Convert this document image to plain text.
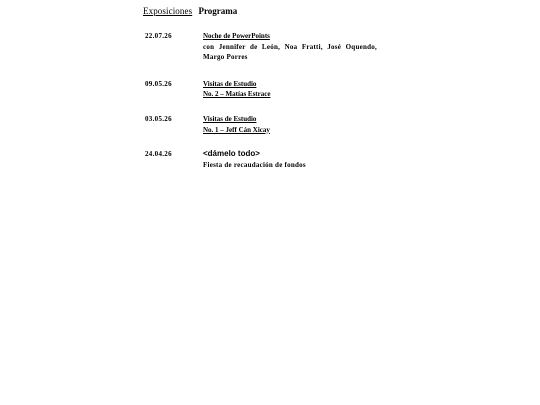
Exposiciones Programa
22.07.26	Noche de PowerPoints
con Jennifer de León, Noa Fratti, José Oquendo, Margo Porres
09.05.26	Visitas de Estudio
No. 2 – Matías Estrace
03.05.26	Visitas de Estudio
No. 1 – Jeff Cán Xicay
24.04.26	<dámelo todo>
Fiesta de recaudación de fondos
